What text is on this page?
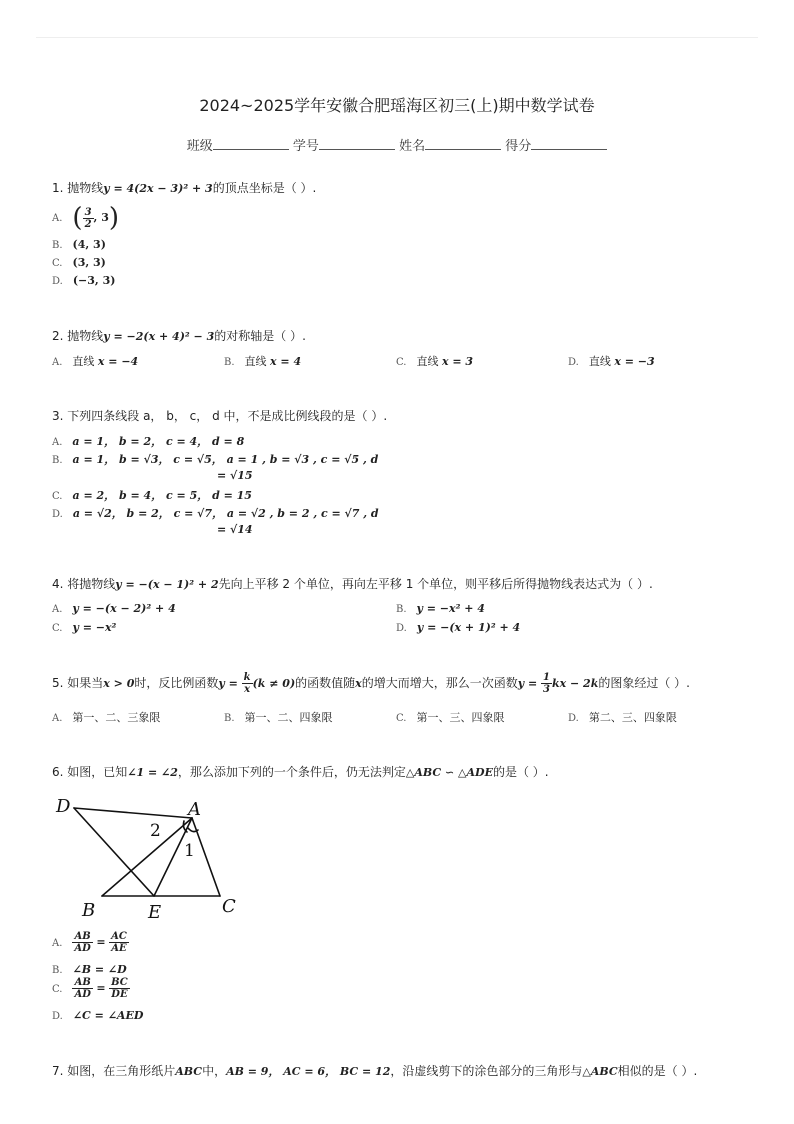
2024~2025学年安徽合肥瑶海区初三(上)期中数学试卷
班级	学号	姓名	得分
1. 抛物线y = 4(2x − 3)² + 3的顶点坐标是（ ）.
A. ( $\frac{3}{2}$ , 3)
B. (4, 3)
C. (3, 3)
D. (−3, 3)
2. 抛物线y = −2(x + 4)² − 3的对称轴是（ ）.
A. 直线 x = −4	B. 直线 x = 4	C. 直线 x = 3	D. 直线 x = −3
3. 下列四条线段 a， b， c， d 中，不是成比例线段的是（ ）.
A. a = 1， b = 2， c = 4， d = 8
B. a = 1， b = √3， c = √5， a = 1 , b = √3 , c = √5 , d
= √15
C. a = 2， b = 4， c = 5， d = 15
D. a = √2， b = 2， c = √7， a = √2 , b = 2 , c = √7 , d
= √14
4. 将抛物线y = −(x − 1)² + 2先向上平移 2 个单位，再向左平移 1 个单位，则平移后所得抛物线表达式为（ ）.
A. y = −(x − 2)² + 4	B. y = −x² + 4
C. y = −x²	D. y = −(x + 1)² + 4
5. 如果当x > 0时，反比例函数$y = \frac{k}{x} (k \ne 0)$的函数值随x的增大而增大，那么一次函数$y = \frac{1}{3}$ kx − 2k的图象经过（ ）.
A. 第一、二、三象限	B. 第一、二、四象限	C. 第一、三、四象限	D. 第二、三、四象限
6. 如图，已知∠1 = ∠2，那么添加下列的一个条件后，仍无法判定△ABC ∽ △ADE的是（ ）.
D	A
B	E	C
2
1
A. $\frac{AB}{AD} = \frac{AC}{AE}$
B. ∠B = ∠D
C. $\frac{AB}{AD} = \frac{BC}{DE}$
D. ∠C = ∠AED
7. 如图，在三角形纸片ABC中，AB = 9， AC = 6， BC = 12，沿虚线剪下的涂色部分的三角形与△ABC相似的是（ ）.
